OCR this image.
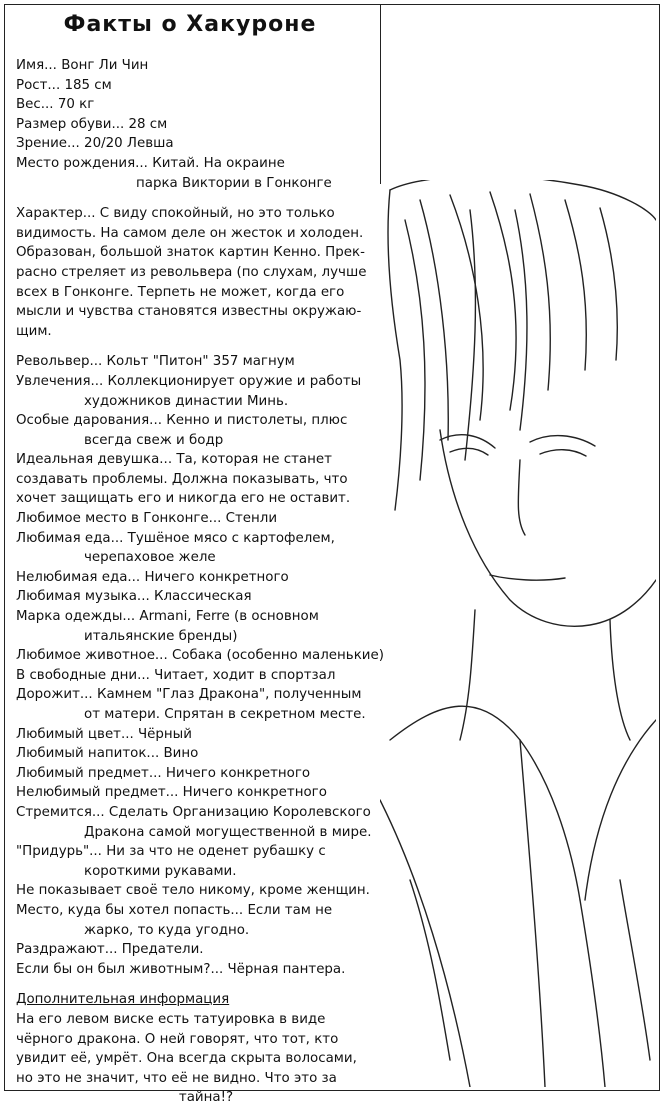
Факты о Хакуроне
Имя... Вонг Ли Чин
Рост... 185 см
Вес... 70 кг
Размер обуви... 28 см
Зрение... 20/20 Левша
Место рождения... Китай. На окраине
парка Виктории в Гонконге
Характер... С виду спокойный, но это только
видимость. На самом деле он жесток и холоден.
Образован, большой знаток картин Кенно. Прек-
расно стреляет из револьвера (по слухам, лучше
всех в Гонконге. Терпеть не может, когда его
мысли и чувства становятся известны окружаю-
щим.
Револьвер... Кольт "Питон" 357 магнум
Увлечения... Коллекционирует оружие и работы
художников династии Минь.
Особые дарования... Кенно и пистолеты, плюс
всегда свеж и бодр
Идеальная девушка... Та, которая не станет
создавать проблемы. Должна показывать, что
хочет защищать его и никогда его не оставит.
Любимое место в Гонконге... Стенли
Любимая еда... Тушёное мясо с картофелем,
черепаховое желе
Нелюбимая еда... Ничего конкретного
Любимая музыка... Классическая
Марка одежды... Armani, Ferre (в основном
итальянские бренды)
Любимое животное... Собака (особенно маленькие)
В свободные дни... Читает, ходит в спортзал
Дорожит... Камнем "Глаз Дракона", полученным
от матери. Спрятан в секретном месте.
Любимый цвет... Чёрный
Любимый напиток... Вино
Любимый предмет... Ничего конкретного
Нелюбимый предмет... Ничего конкретного
Стремится... Сделать Организацию Королевского
Дракона самой могущественной в мире.
"Придурь"... Ни за что не оденет рубашку с
короткими рукавами.
Не показывает своё тело никому, кроме женщин.
Место, куда бы хотел попасть... Если там не
жарко, то куда угодно.
Раздражают... Предатели.
Если бы он был животным?... Чёрная пантера.
Дополнительная информация
На его левом виске есть татуировка в виде
чёрного дракона. О ней говорят, что тот, кто
увидит её, умрёт. Она всегда скрыта волосами,
но это не значит, что её не видно. Что это за
тайна!?
